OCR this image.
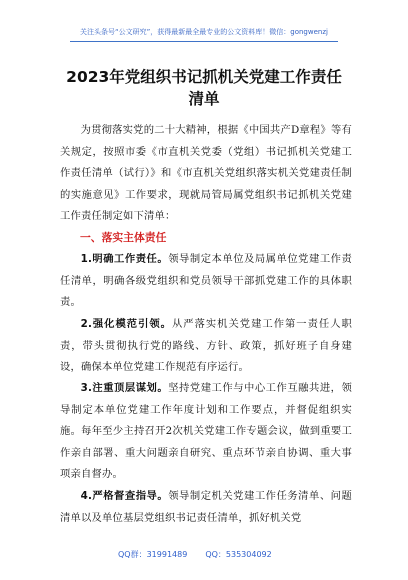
关注头条号“公文研究”，获得最新最全最专业的公文资料库！微信：gongwenzj
2023年党组织书记抓机关党建工作责任
清单
为贯彻落实党的二十大精神，根据《中国共产D章程》等有关规定，按照市委《市直机关党委（党组）书记抓机关党建工作责任清单（试行）》和《市直机关党组织落实机关党建责任制的实施意见》工作要求，现就局管局属党组织书记抓机关党建工作责任制定如下清单：
一、落实主体责任
1.明确工作责任。领导制定本单位及局属单位党建工作责任清单，明确各级党组织和党员领导干部抓党建工作的具体职责。
2.强化模范引领。从严落实机关党建工作第一责任人职责，带头贯彻执行党的路线、方针、政策，抓好班子自身建设，确保本单位党建工作规范有序运行。
3.注重顶层谋划。坚持党建工作与中心工作互融共进，领导制定本单位党建工作年度计划和工作要点，并督促组织实施。每年至少主持召开2次机关党建工作专题会议，做到重要工作亲自部署、重大问题亲自研究、重点环节亲自协调、重大事项亲自督办。
4.严格督查指导。领导制定机关党建工作任务清单、问题清单以及单位基层党组织书记责任清单，抓好机关党
QQ群：31991489 QQ：535304092
